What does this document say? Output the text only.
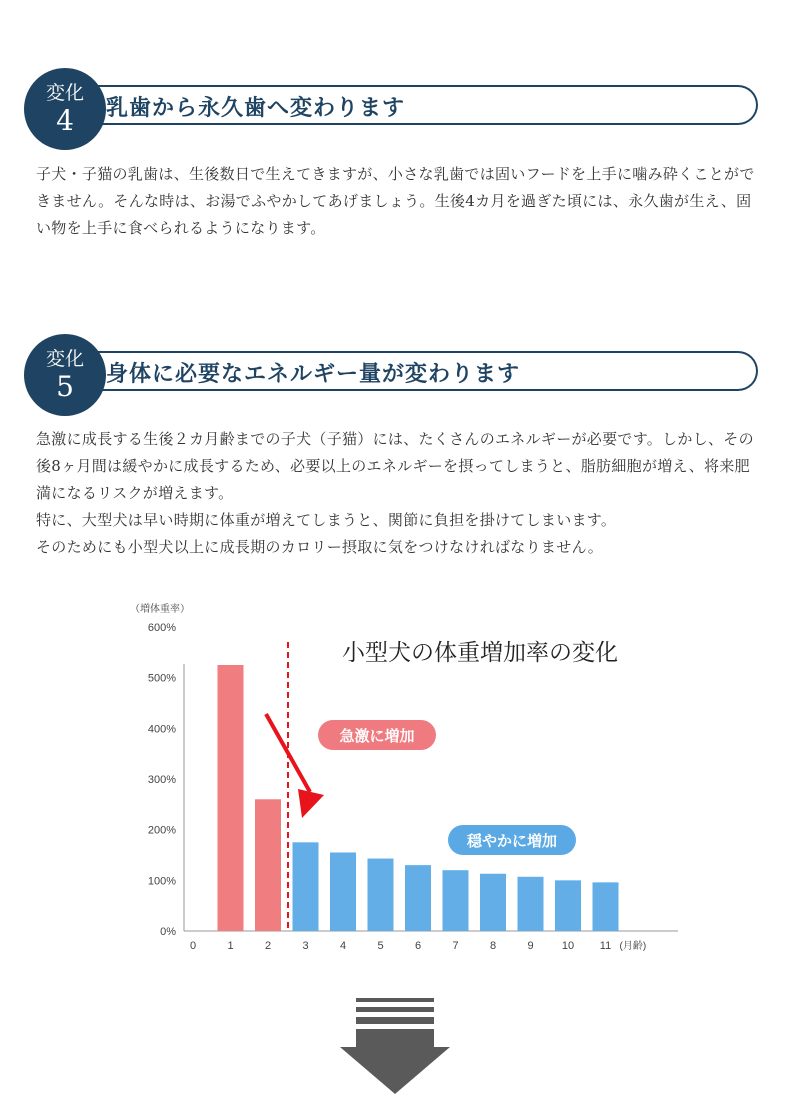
変化
4	乳歯から永久歯へ変わります

子犬・子猫の乳歯は、生後数日で生えてきますが、小さな乳歯では固いフードを上手に噛み砕くことができません。そんな時は、お湯でふやかしてあげましょう。生後4カ月を過ぎた頃には、永久歯が生え、固い物を上手に食べられるようになります。

変化
5	身体に必要なエネルギー量が変わります

急激に成長する生後２カ月齢までの子犬（子猫）には、たくさんのエネルギーが必要です。しかし、その後8ヶ月間は緩やかに成長するため、必要以上のエネルギーを摂ってしまうと、脂肪細胞が増え、将来肥満になるリスクが増えます。

特に、大型犬は早い時期に体重が増えてしまうと、関節に負担を掛けてしまいます。

そのためにも小型犬以上に成長期のカロリー摂取に気をつけなければなりません。

（増体重率）
0%
100%
200%
300%
400%
500%
600%
0	1	2	3	4	5	6	7	8	9	10 11 (月齢)
小型犬の体重増加率の変化
急激に増加
穏やかに増加
